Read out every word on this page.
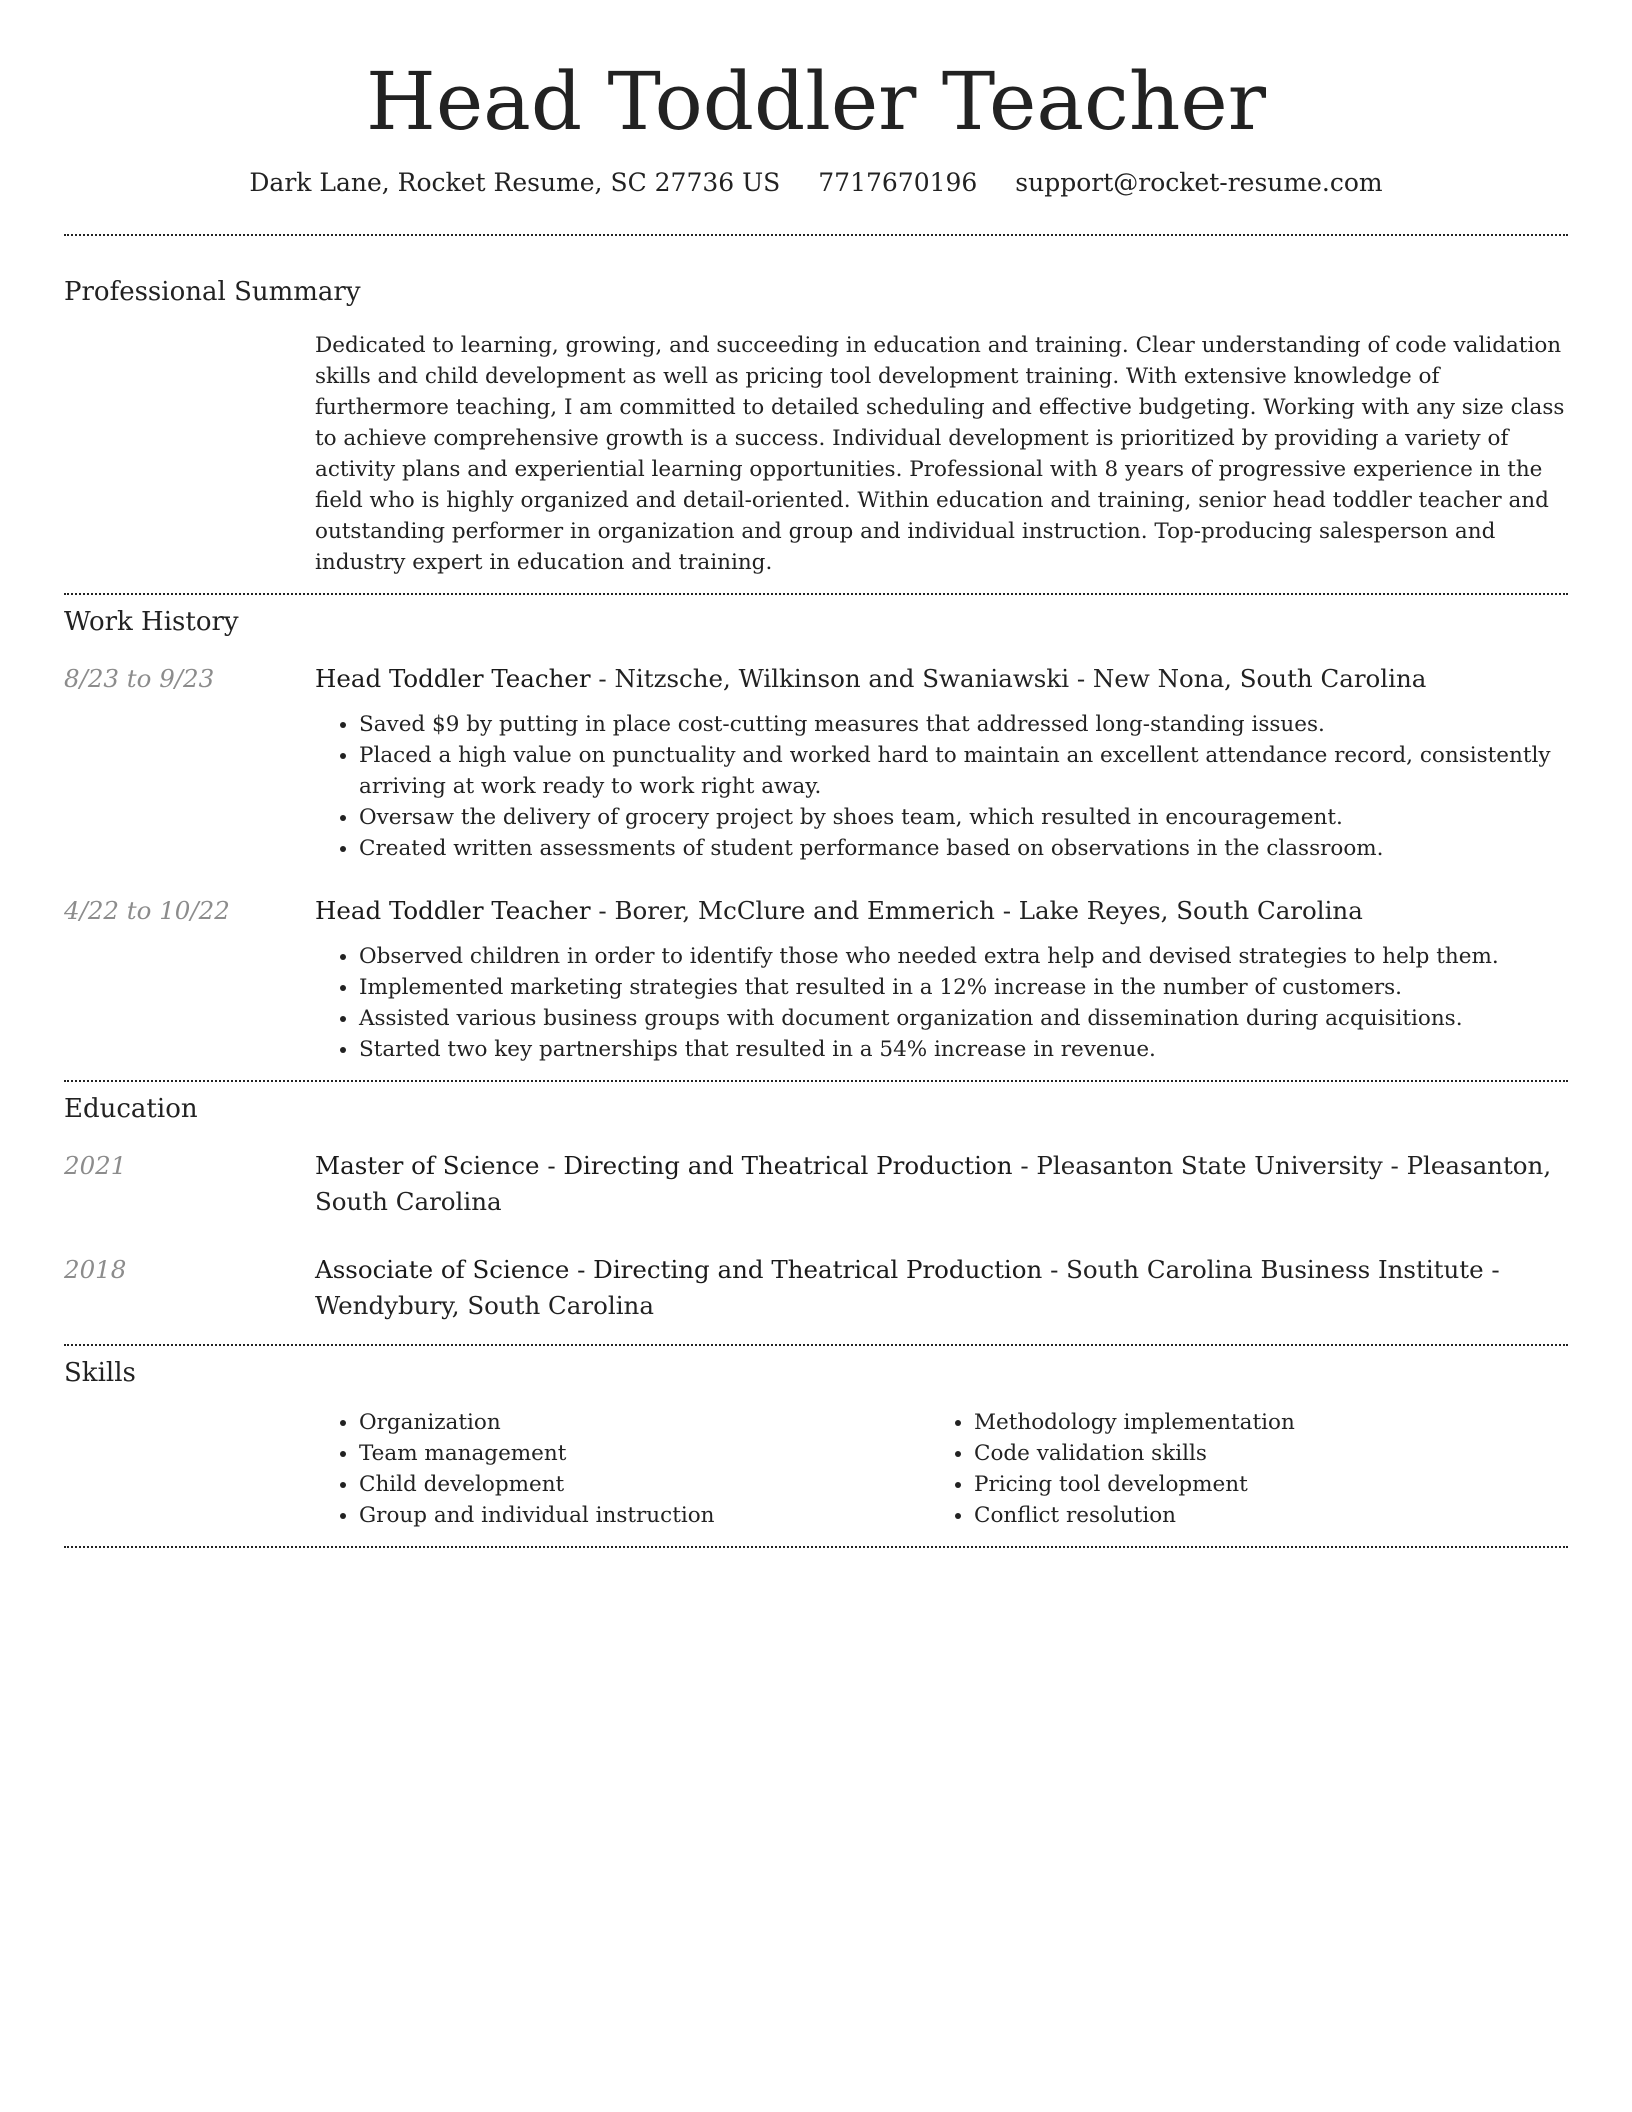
Head Toddler Teacher
Dark Lane, Rocket Resume, SC 27736 US 7717670196 support@rocket-resume.com
Professional Summary
Dedicated to learning, growing, and succeeding in education and training. Clear understanding of code validation skills and child development as well as pricing tool development training. With extensive knowledge of furthermore teaching, I am committed to detailed scheduling and effective budgeting. Working with any size class to achieve comprehensive growth is a success. Individual development is prioritized by providing a variety of activity plans and experiential learning opportunities. Professional with 8 years of progressive experience in the field who is highly organized and detail-oriented. Within education and training, senior head toddler teacher and outstanding performer in organization and group and individual instruction. Top-producing salesperson and industry expert in education and training.
Work History
8/23 to 9/23	Head Toddler Teacher - Nitzsche, Wilkinson and Swaniawski - New Nona, South Carolina
• Saved $9 by putting in place cost-cutting measures that addressed long-standing issues.
• Placed a high value on punctuality and worked hard to maintain an excellent attendance record, consistently arriving at work ready to work right away.
• Oversaw the delivery of grocery project by shoes team, which resulted in encouragement.
• Created written assessments of student performance based on observations in the classroom.
4/22 to 10/22	Head Toddler Teacher - Borer, McClure and Emmerich - Lake Reyes, South Carolina
• Observed children in order to identify those who needed extra help and devised strategies to help them.
• Implemented marketing strategies that resulted in a 12% increase in the number of customers.
• Assisted various business groups with document organization and dissemination during acquisitions.
• Started two key partnerships that resulted in a 54% increase in revenue.
Education
2021	Master of Science - Directing and Theatrical Production - Pleasanton State University - Pleasanton, South Carolina
2018	Associate of Science - Directing and Theatrical Production - South Carolina Business Institute - Wendybury, South Carolina
Skills
• Organization
• Team management
• Child development
• Group and individual instruction
• Methodology implementation
• Code validation skills
• Pricing tool development
• Conflict resolution
